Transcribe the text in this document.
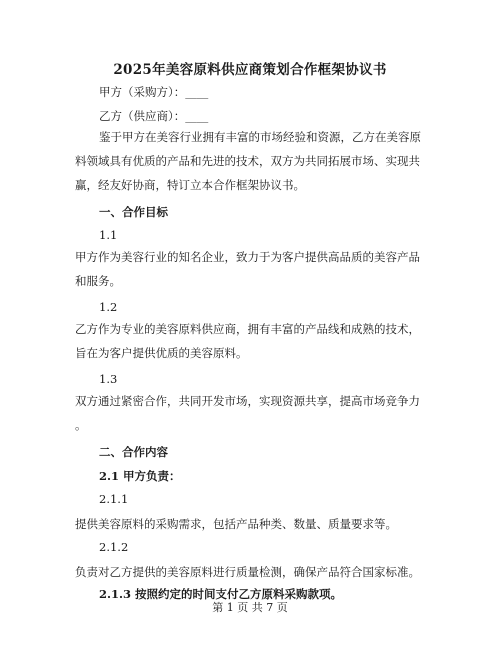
2025年美容原料供应商策划合作框架协议书
甲方（采购方）：____
乙方（供应商）：____
鉴于甲方在美容行业拥有丰富的市场经验和资源，乙方在美容原
料领域具有优质的产品和先进的技术，双方为共同拓展市场、实现共
赢，经友好协商，特订立本合作框架协议书。
一、合作目标
1.1
甲方作为美容行业的知名企业，致力于为客户提供高品质的美容产品
和服务。
1.2
乙方作为专业的美容原料供应商，拥有丰富的产品线和成熟的技术，
旨在为客户提供优质的美容原料。
1.3
双方通过紧密合作，共同开发市场，实现资源共享，提高市场竞争力
。
二、合作内容
2.1 甲方负责：
2.1.1
提供美容原料的采购需求，包括产品种类、数量、质量要求等。
2.1.2
负责对乙方提供的美容原料进行质量检测，确保产品符合国家标准。
2.1.3 按照约定的时间支付乙方原料采购款项。
第 1 页 共 7 页
